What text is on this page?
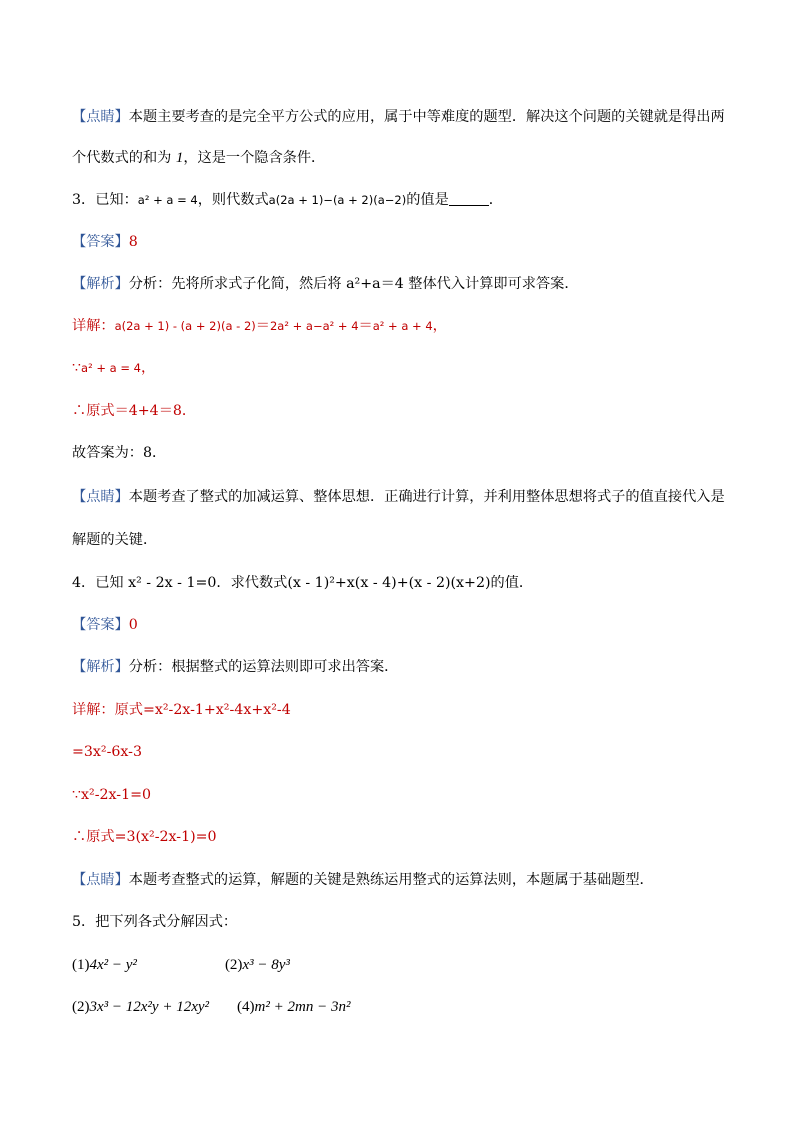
【点睛】本题主要考查的是完全平方公式的应用，属于中等难度的题型．解决这个问题的关键就是得出两
个代数式的和为 1，这是一个隐含条件．
3．已知：a² + a = 4，则代数式a(2a + 1)−(a + 2)(a−2)的值是	．
【答案】8
【解析】分析：先将所求式子化简，然后将 a²+a＝4 整体代入计算即可求答案．
详解：a(2a + 1) - (a + 2)(a - 2)＝2a² + a−a² + 4＝a² + a + 4，
∵a² + a = 4，
∴原式＝4+4＝8．
故答案为：8．
【点睛】本题考查了整式的加减运算、整体思想．正确进行计算，并利用整体思想将式子的值直接代入是
解题的关键．
4．已知 x² - 2x - 1=0．求代数式(x - 1)²+x(x - 4)+(x - 2)(x+2)的值．
【答案】0
【解析】分析：根据整式的运算法则即可求出答案．
详解：原式=x²-2x-1+x²-4x+x²-4
=3x²-6x-3
∵x²-2x-1=0
∴原式=3(x²-2x-1)=0
【点睛】本题考查整式的运算，解题的关键是熟练运用整式的运算法则，本题属于基础题型．
5．把下列各式分解因式：
(1)4x² − y²	(2)x³ − 8y³
(2)3x³ − 12x²y + 12xy² (4)m² + 2mn − 3n²
